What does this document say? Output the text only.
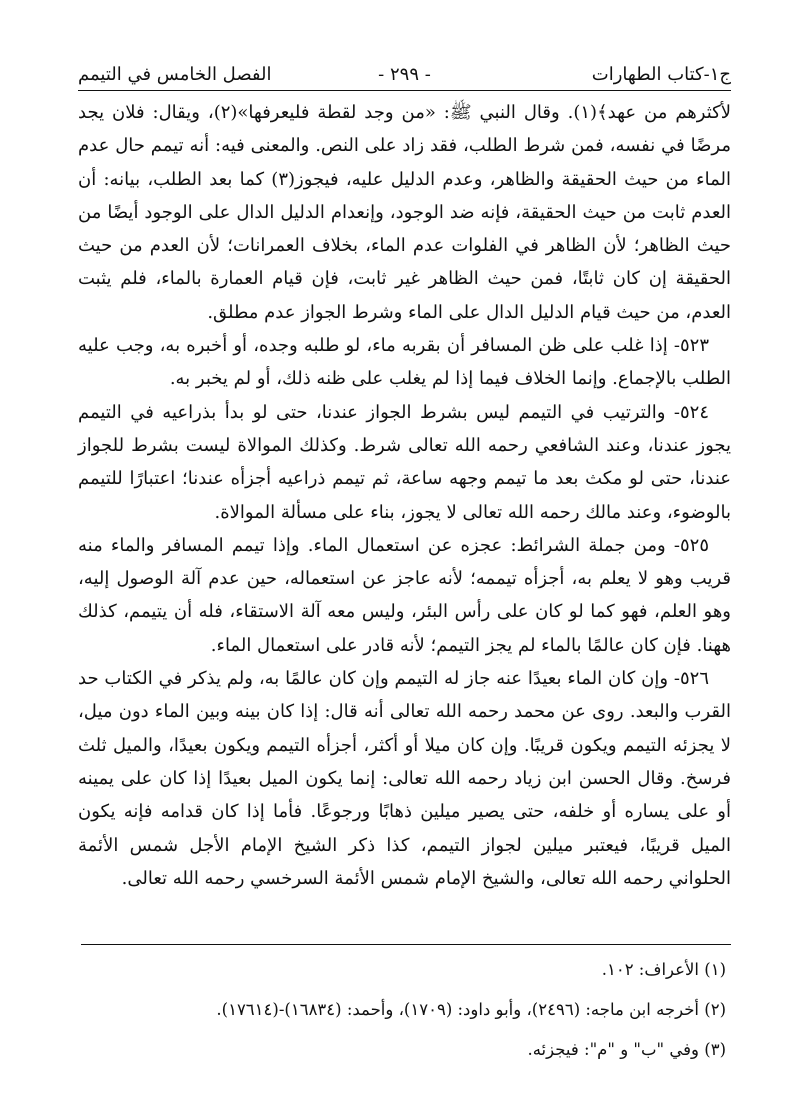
ج١-كتاب الطهارات
- ٢٩٩ -
الفصل الخامس في التيمم

لأكثرهم من عهد﴾(١). وقال النبي ﷺ: «من وجد لقطة فليعرفها»(٢)، ويقال: فلان يجد مرضًا في نفسه، فمن شرط الطلب، فقد زاد على النص. والمعنى فيه: أنه تيمم حال عدم الماء من حيث الحقيقة والظاهر، وعدم الدليل عليه، فيجوز(٣) كما بعد الطلب، بيانه: أن العدم ثابت من حيث الحقيقة، فإنه ضد الوجود، وإنعدام الدليل الدال على الوجود أيضًا من حيث الظاهر؛ لأن الظاهر في الفلوات عدم الماء، بخلاف العمرانات؛ لأن العدم من حيث الحقيقة إن كان ثابتًا، فمن حيث الظاهر غير ثابت، فإن قيام العمارة بالماء، فلم يثبت العدم، من حيث قيام الدليل الدال على الماء وشرط الجواز عدم مطلق.

٥٢٣- إذا غلب على ظن المسافر أن بقربه ماء، لو طلبه وجده، أو أخبره به، وجب عليه الطلب بالإجماع. وإنما الخلاف فيما إذا لم يغلب على ظنه ذلك، أو لم يخبر به.

٥٢٤- والترتيب في التيمم ليس بشرط الجواز عندنا، حتى لو بدأ بذراعيه في التيمم يجوز عندنا، وعند الشافعي رحمه الله تعالى شرط. وكذلك الموالاة ليست بشرط للجواز عندنا، حتى لو مكث بعد ما تيمم وجهه ساعة، ثم تيمم ذراعيه أجزأه عندنا؛ اعتبارًا للتيمم بالوضوء، وعند مالك رحمه الله تعالى لا يجوز، بناء على مسألة الموالاة.

٥٢٥- ومن جملة الشرائط: عجزه عن استعمال الماء. وإذا تيمم المسافر والماء منه قريب وهو لا يعلم به، أجزأه تيممه؛ لأنه عاجز عن استعماله، حين عدم آلة الوصول إليه، وهو العلم، فهو كما لو كان على رأس البئر، وليس معه آلة الاستقاء، فله أن يتيمم، كذلك ههنا. فإن كان عالمًا بالماء لم يجز التيمم؛ لأنه قادر على استعمال الماء.

٥٢٦- وإن كان الماء بعيدًا عنه جاز له التيمم وإن كان عالمًا به، ولم يذكر في الكتاب حد القرب والبعد. روى عن محمد رحمه الله تعالى أنه قال: إذا كان بينه وبين الماء دون ميل، لا يجزئه التيمم ويكون قريبًا. وإن كان ميلا أو أكثر، أجزأه التيمم ويكون بعيدًا، والميل ثلث فرسخ. وقال الحسن ابن زياد رحمه الله تعالى: إنما يكون الميل بعيدًا إذا كان على يمينه أو على يساره أو خلفه، حتى يصير ميلين ذهابًا ورجوعًا. فأما إذا كان قدامه فإنه يكون الميل قريبًا، فيعتبر ميلين لجواز التيمم، كذا ذكر الشيخ الإمام الأجل شمس الأئمة الحلواني رحمه الله تعالى، والشيخ الإمام شمس الأئمة السرخسي رحمه الله تعالى.

(١) الأعراف: ١٠٢.

(٢) أخرجه ابن ماجه: (٢٤٩٦)، وأبو داود: (١٧٠٩)، وأحمد: (١٦٨٣٤)-(١٧٦١٤).

(٣) وفي "ب" و "م": فيجزئه.
